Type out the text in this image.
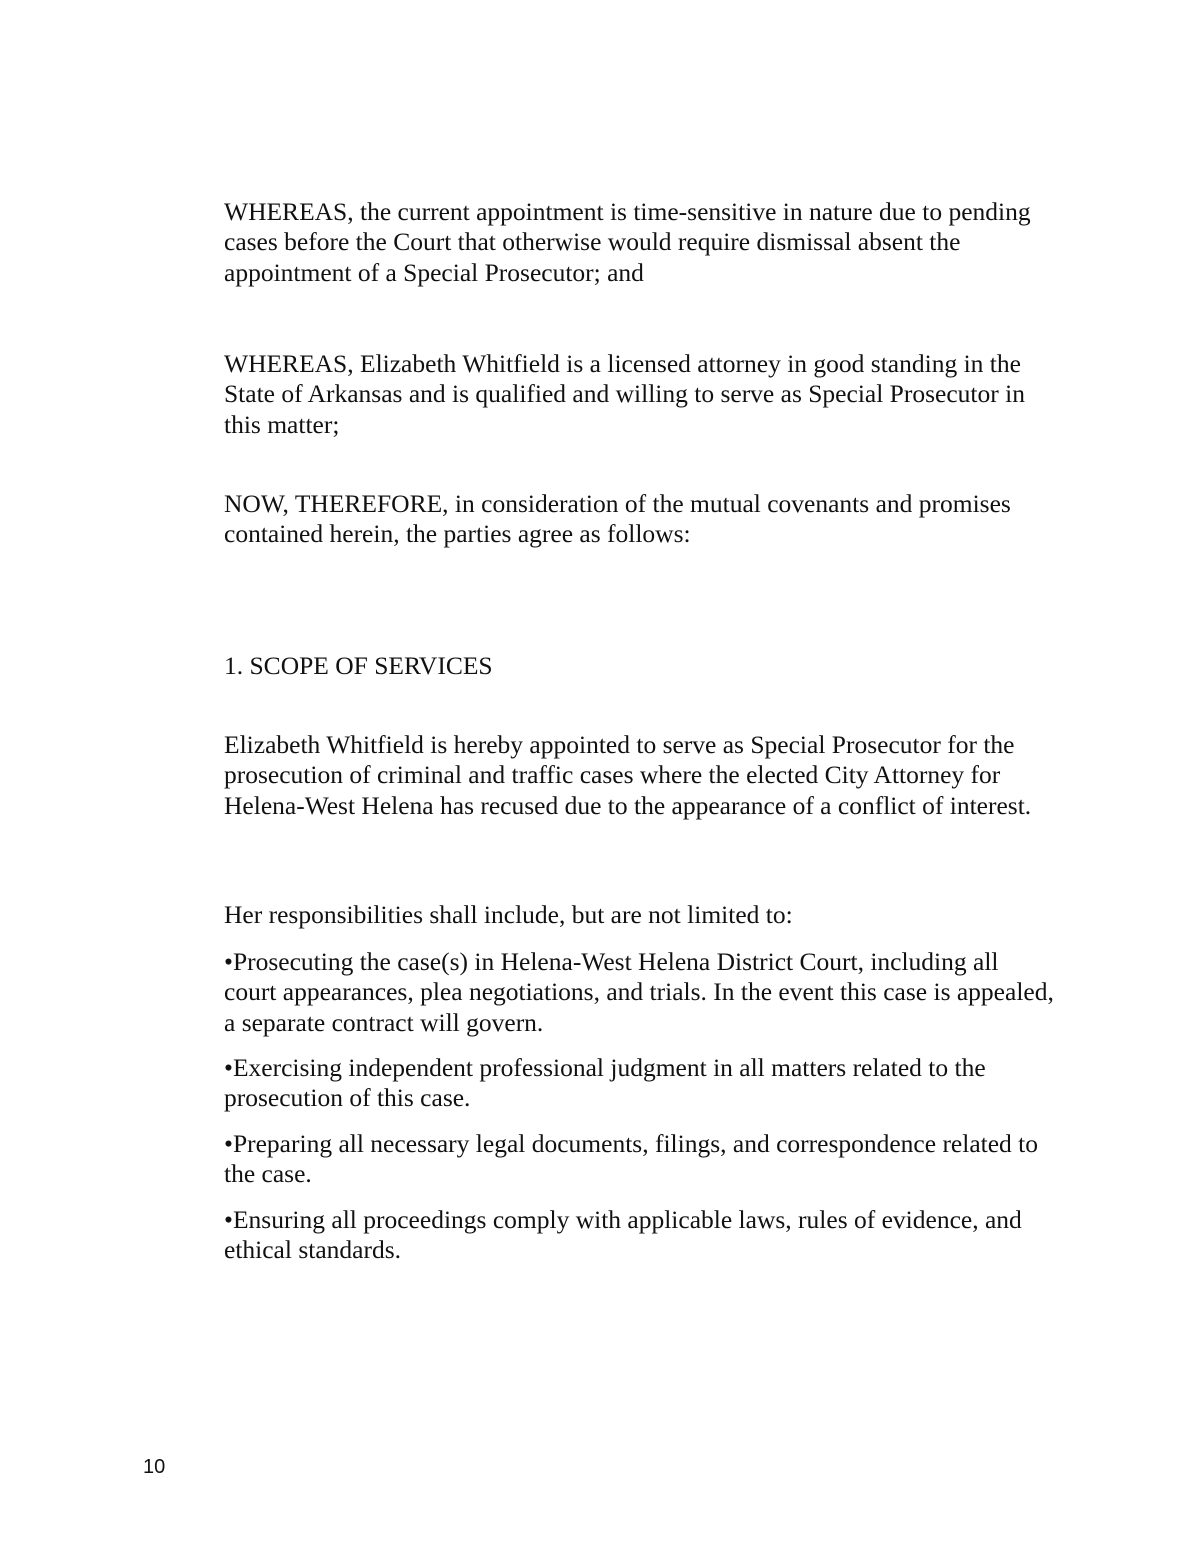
WHEREAS, the current appointment is time-sensitive in nature due to pending cases before the Court that otherwise would require dismissal absent the appointment of a Special Prosecutor; and

WHEREAS, Elizabeth Whitfield is a licensed attorney in good standing in the State of Arkansas and is qualified and willing to serve as Special Prosecutor in this matter;

NOW, THEREFORE, in consideration of the mutual covenants and promises contained herein, the parties agree as follows:

1. SCOPE OF SERVICES

Elizabeth Whitfield is hereby appointed to serve as Special Prosecutor for the prosecution of criminal and traffic cases where the elected City Attorney for Helena-West Helena has recused due to the appearance of a conflict of interest.

Her responsibilities shall include, but are not limited to:

•Prosecuting the case(s) in Helena-West Helena District Court, including all court appearances, plea negotiations, and trials. In the event this case is appealed, a separate contract will govern.
•Exercising independent professional judgment in all matters related to the prosecution of this case.
•Preparing all necessary legal documents, filings, and correspondence related to the case.
•Ensuring all proceedings comply with applicable laws, rules of evidence, and ethical standards.
10
